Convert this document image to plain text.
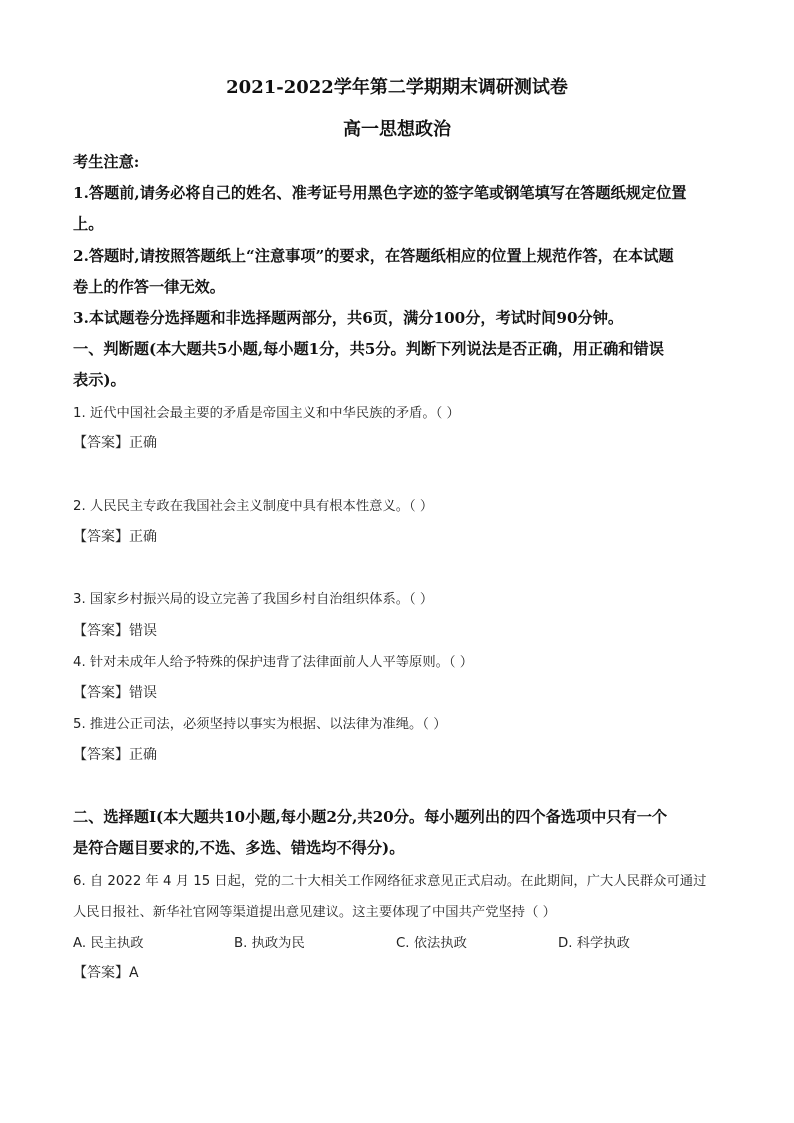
2021-2022学年第二学期期末调研测试卷
高一思想政治
考生注意:
1.答题前,请务必将自己的姓名、准考证号用黑色字迹的签字笔或钢笔填写在答题纸规定位置
上。
2.答题时,请按照答题纸上“注意事项”的要求，在答题纸相应的位置上规范作答，在本试题
卷上的作答一律无效。
3.本试题卷分选择题和非选择题两部分，共6页，满分100分，考试时间90分钟。
一、判断题(本大题共5小题,每小题1分，共5分。判断下列说法是否正确，用正确和错误
表示)。
1. 近代中国社会最主要的矛盾是帝国主义和中华民族的矛盾。（ ）
【答案】正确
2. 人民民主专政在我国社会主义制度中具有根本性意义。（ ）
【答案】正确
3. 国家乡村振兴局的设立完善了我国乡村自治组织体系。（ ）
【答案】错误
4. 针对未成年人给予特殊的保护违背了法律面前人人平等原则。（ ）
【答案】错误
5. 推进公正司法，必须坚持以事实为根据、以法律为准绳。（ ）
【答案】正确
二、选择题Ⅰ(本大题共10小题,每小题2分,共20分。每小题列出的四个备选项中只有一个
是符合题目要求的,不选、多选、错选均不得分)。
6. 自 2022 年 4 月 15 日起，党的二十大相关工作网络征求意见正式启动。在此期间，广大人民群众可通过
人民日报社、新华社官网等渠道提出意见建议。这主要体现了中国共产党坚持（ ）
A. 民主执政	B. 执政为民	C. 依法执政	D. 科学执政
【答案】A
